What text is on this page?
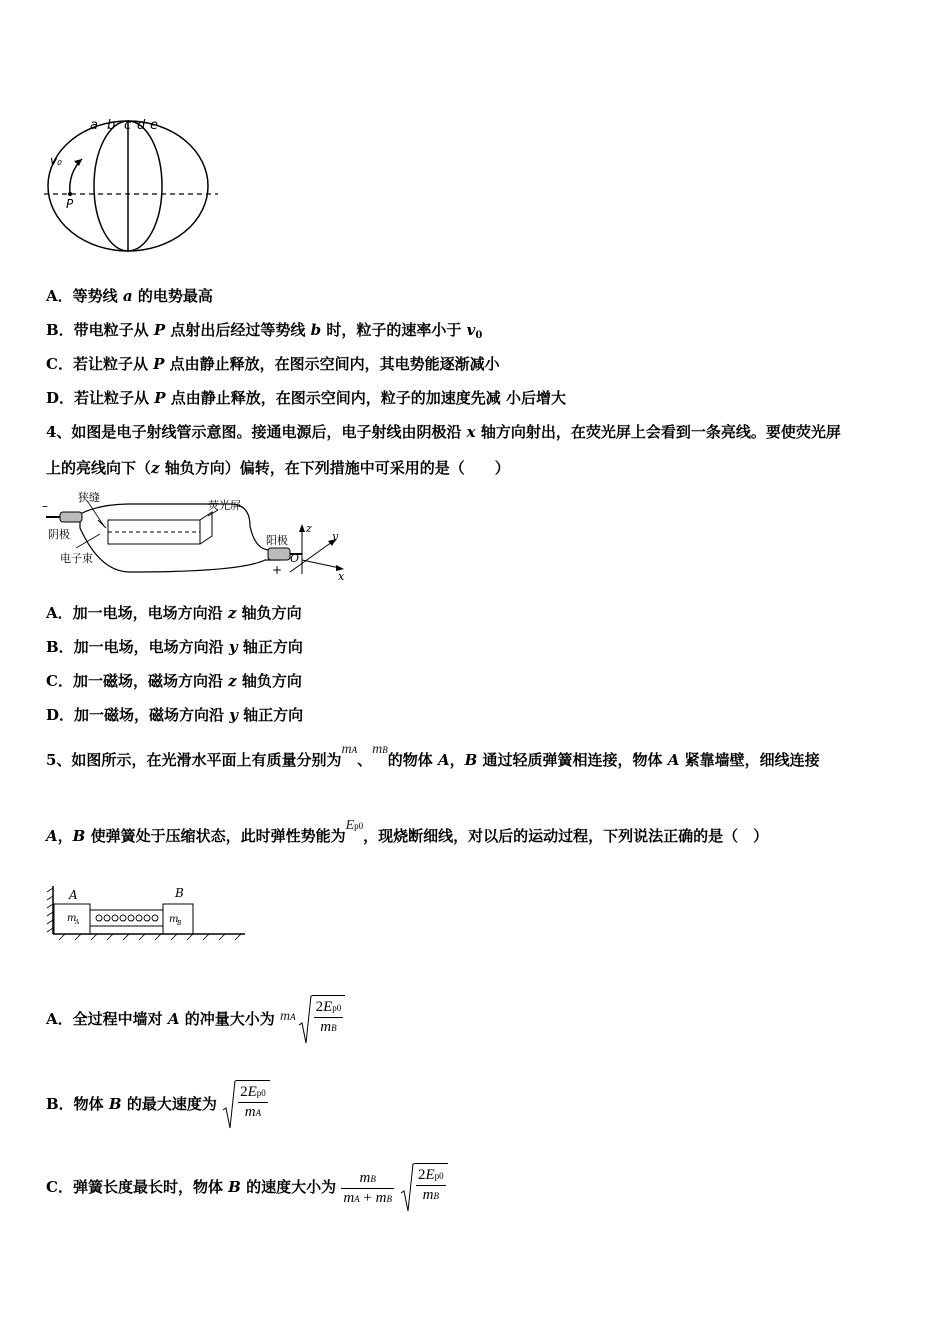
a b c d e
v₀
P
A．等势线 a 的电势最高
B．带电粒子从 P 点射出后经过等势线 b 时，粒子的速率小于 $v_0$
C．若让粒子从 P 点由静止释放，在图示空间内，其电势能逐渐减小
D．若让粒子从 P 点由静止释放，在图示空间内，粒子的加速度先减 小后增大
4、如图是电子射线管示意图。接通电源后，电子射线由阴极沿 x 轴方向射出，在荧光屏上会看到一条亮线。要使荧光屏
上的亮线向下（z 轴负方向）偏转，在下列措施中可采用的是（　　）
–
狭缝
荧光屏
阴极	阳极
电子束
+
z
y
x
O
A．加一电场，电场方向沿 z 轴负方向
B．加一电场，电场方向沿 y 轴正方向
C．加一磁场，磁场方向沿 z 轴负方向
D．加一磁场，磁场方向沿 y 轴正方向
5、如图所示，在光滑水平面上有质量分别为mA、mB的物体 A，B 通过轻质弹簧相连接，物体 A 紧靠墙壁，细线连接
A，B 使弹簧处于压缩状态，此时弹性势能为Ep0，现烧断细线，对以后的运动过程，下列说法正确的是（　）
A	B
m
A	m
B
A．全过程中墙对 A 的冲量大小为 mA $\frac{2Ep0}{mB}$
B．物体 B 的最大速度为 $\frac{2Ep0}{mA}$
C．弹簧长度最长时，物体 B 的速度大小为 $\frac{mB}{mA + mB} \frac{2Ep0}{mB}$
